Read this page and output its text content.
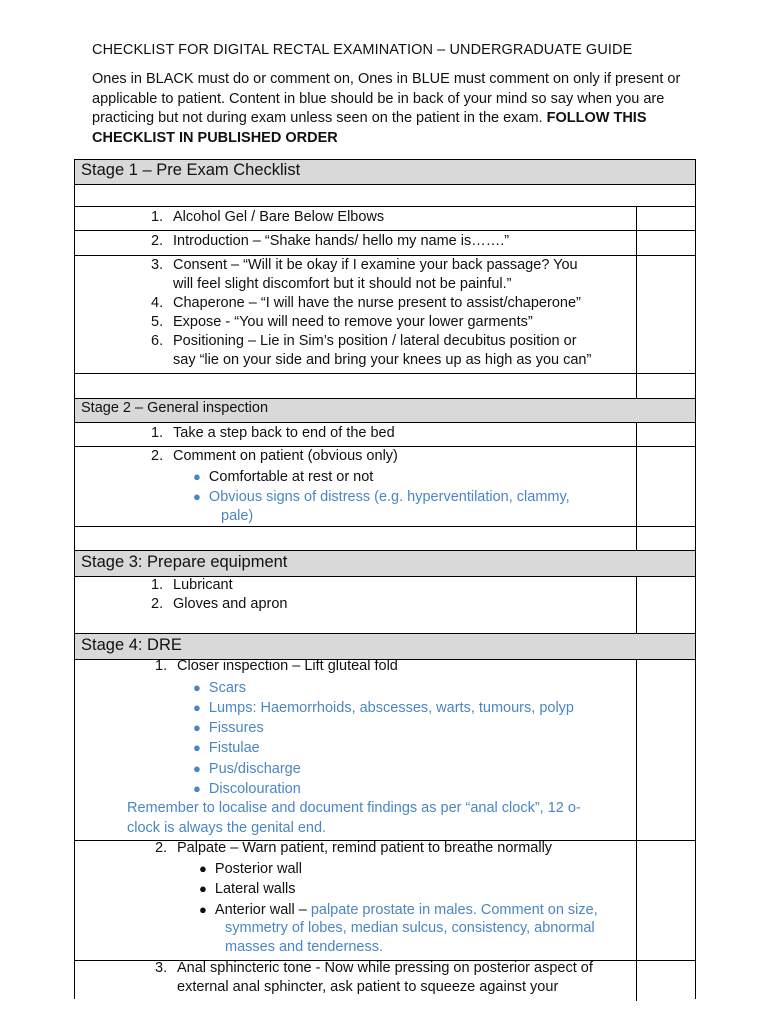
CHECKLIST FOR DIGITAL RECTAL EXAMINATION – UNDERGRADUATE GUIDE
Ones in BLACK must do or comment on, Ones in BLUE must comment on only if present or applicable to patient. Content in blue should be in back of your mind so say when you are practicing but not during exam unless seen on the patient in the exam. FOLLOW THIS CHECKLIST IN PUBLISHED ORDER
Stage 1 – Pre Exam Checklist
1. Alcohol Gel / Bare Below Elbows
2. Introduction – “Shake hands/ hello my name is…….”
3. Consent – “Will it be okay if I examine your back passage? You
will feel slight discomfort but it should not be painful.”
4. Chaperone – “I will have the nurse present to assist/chaperone”
5. Expose - “You will need to remove your lower garments”
6. Positioning – Lie in Sim’s position / lateral decubitus position or
say “lie on your side and bring your knees up as high as you can”
Stage 2 – General inspection
1. Take a step back to end of the bed
2. Comment on patient (obvious only)
● Comfortable at rest or not
● Obvious signs of distress (e.g. hyperventilation, clammy,
pale)
Stage 3: Prepare equipment
1. Lubricant
2. Gloves and apron
Stage 4: DRE
1. Closer inspection – Lift gluteal fold
● Scars
● Lumps: Haemorrhoids, abscesses, warts, tumours, polyp
● Fissures
● Fistulae
● Pus/discharge
● Discolouration
Remember to localise and document findings as per “anal clock”, 12 o-
clock is always the genital end.
2. Palpate – Warn patient, remind patient to breathe normally
● Posterior wall
● Lateral walls
● Anterior wall – palpate prostate in males. Comment on size,
symmetry of lobes, median sulcus, consistency, abnormal
masses and tenderness.
3. Anal sphincteric tone - Now while pressing on posterior aspect of
external anal sphincter, ask patient to squeeze against your
